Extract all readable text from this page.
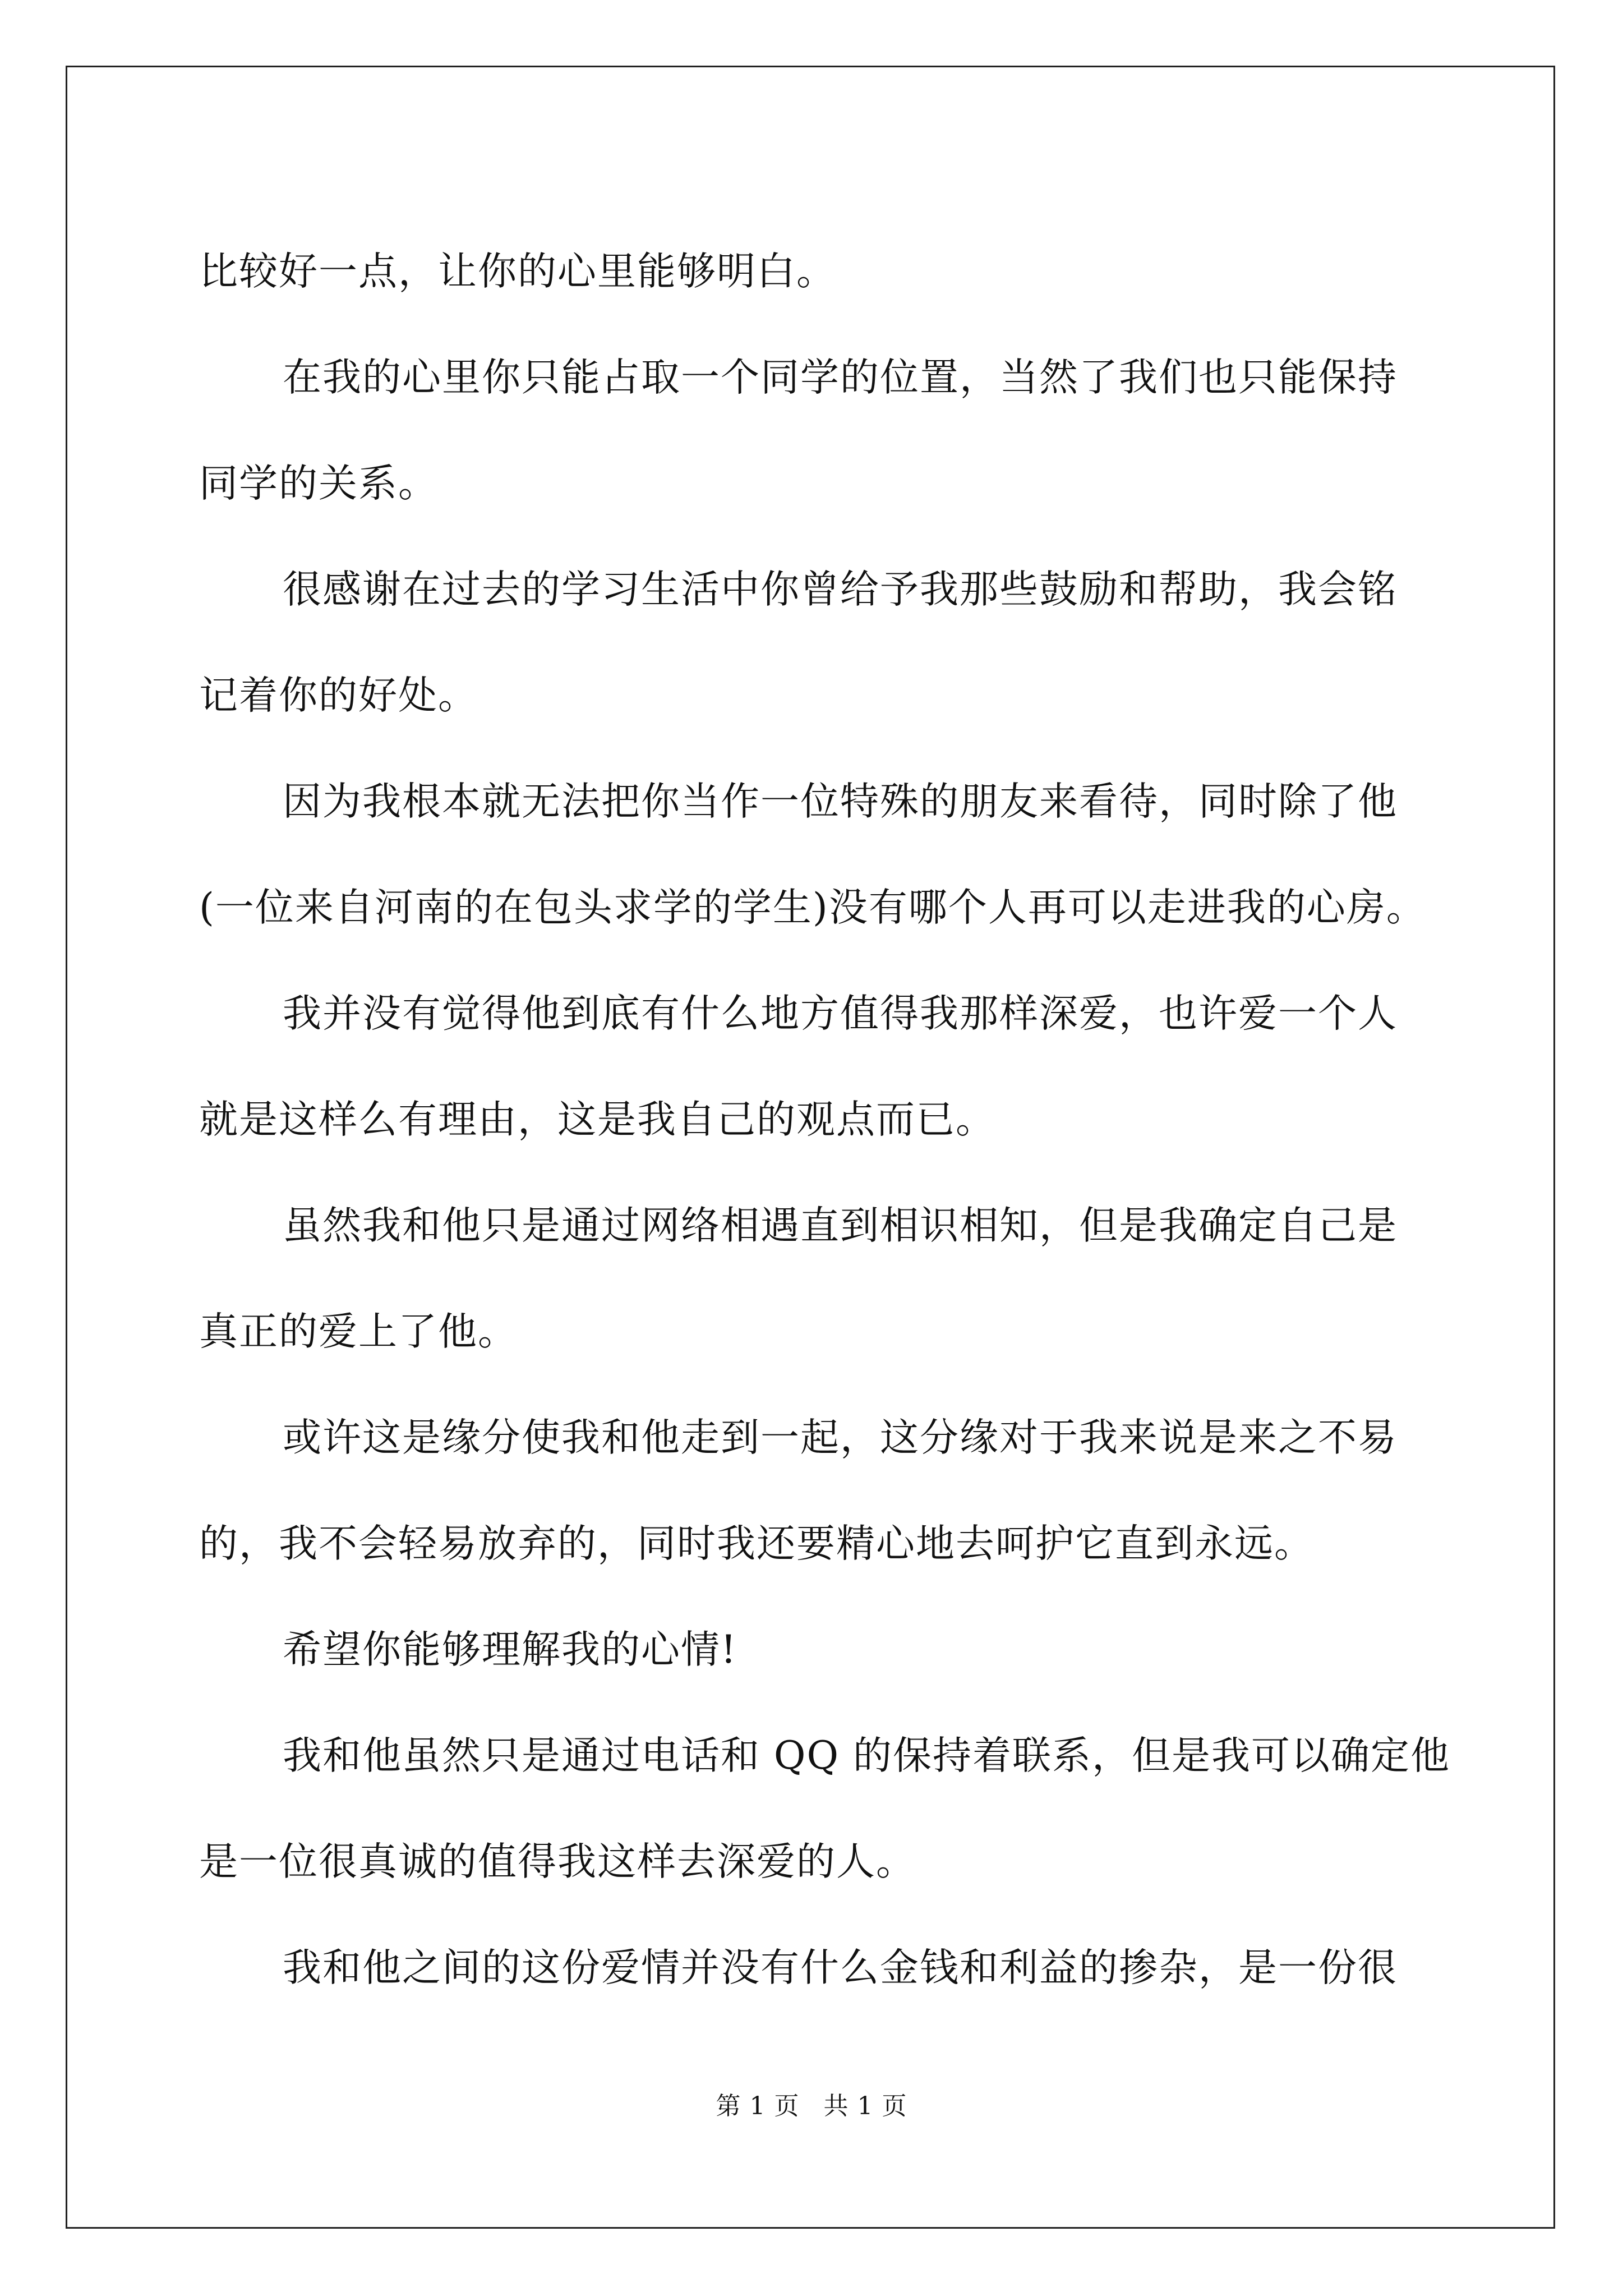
比较好一点，让你的心里能够明白。
在我的心里你只能占取一个同学的位置，当然了我们也只能保持
同学的关系。
很感谢在过去的学习生活中你曾给予我那些鼓励和帮助，我会铭
记着你的好处。
因为我根本就无法把你当作一位特殊的朋友来看待，同时除了他
(一位来自河南的在包头求学的学生)没有哪个人再可以走进我的心房。
我并没有觉得他到底有什么地方值得我那样深爱，也许爱一个人
就是这样么有理由，这是我自己的观点而已。
虽然我和他只是通过网络相遇直到相识相知，但是我确定自己是
真正的爱上了他。
或许这是缘分使我和他走到一起，这分缘对于我来说是来之不易
的，我不会轻易放弃的，同时我还要精心地去呵护它直到永远。
希望你能够理解我的心情!
我和他虽然只是通过电话和 QQ 的保持着联系，但是我可以确定他
是一位很真诚的值得我这样去深爱的人。
我和他之间的这份爱情并没有什么金钱和利益的掺杂，是一份很
第 1 页 共 1 页
